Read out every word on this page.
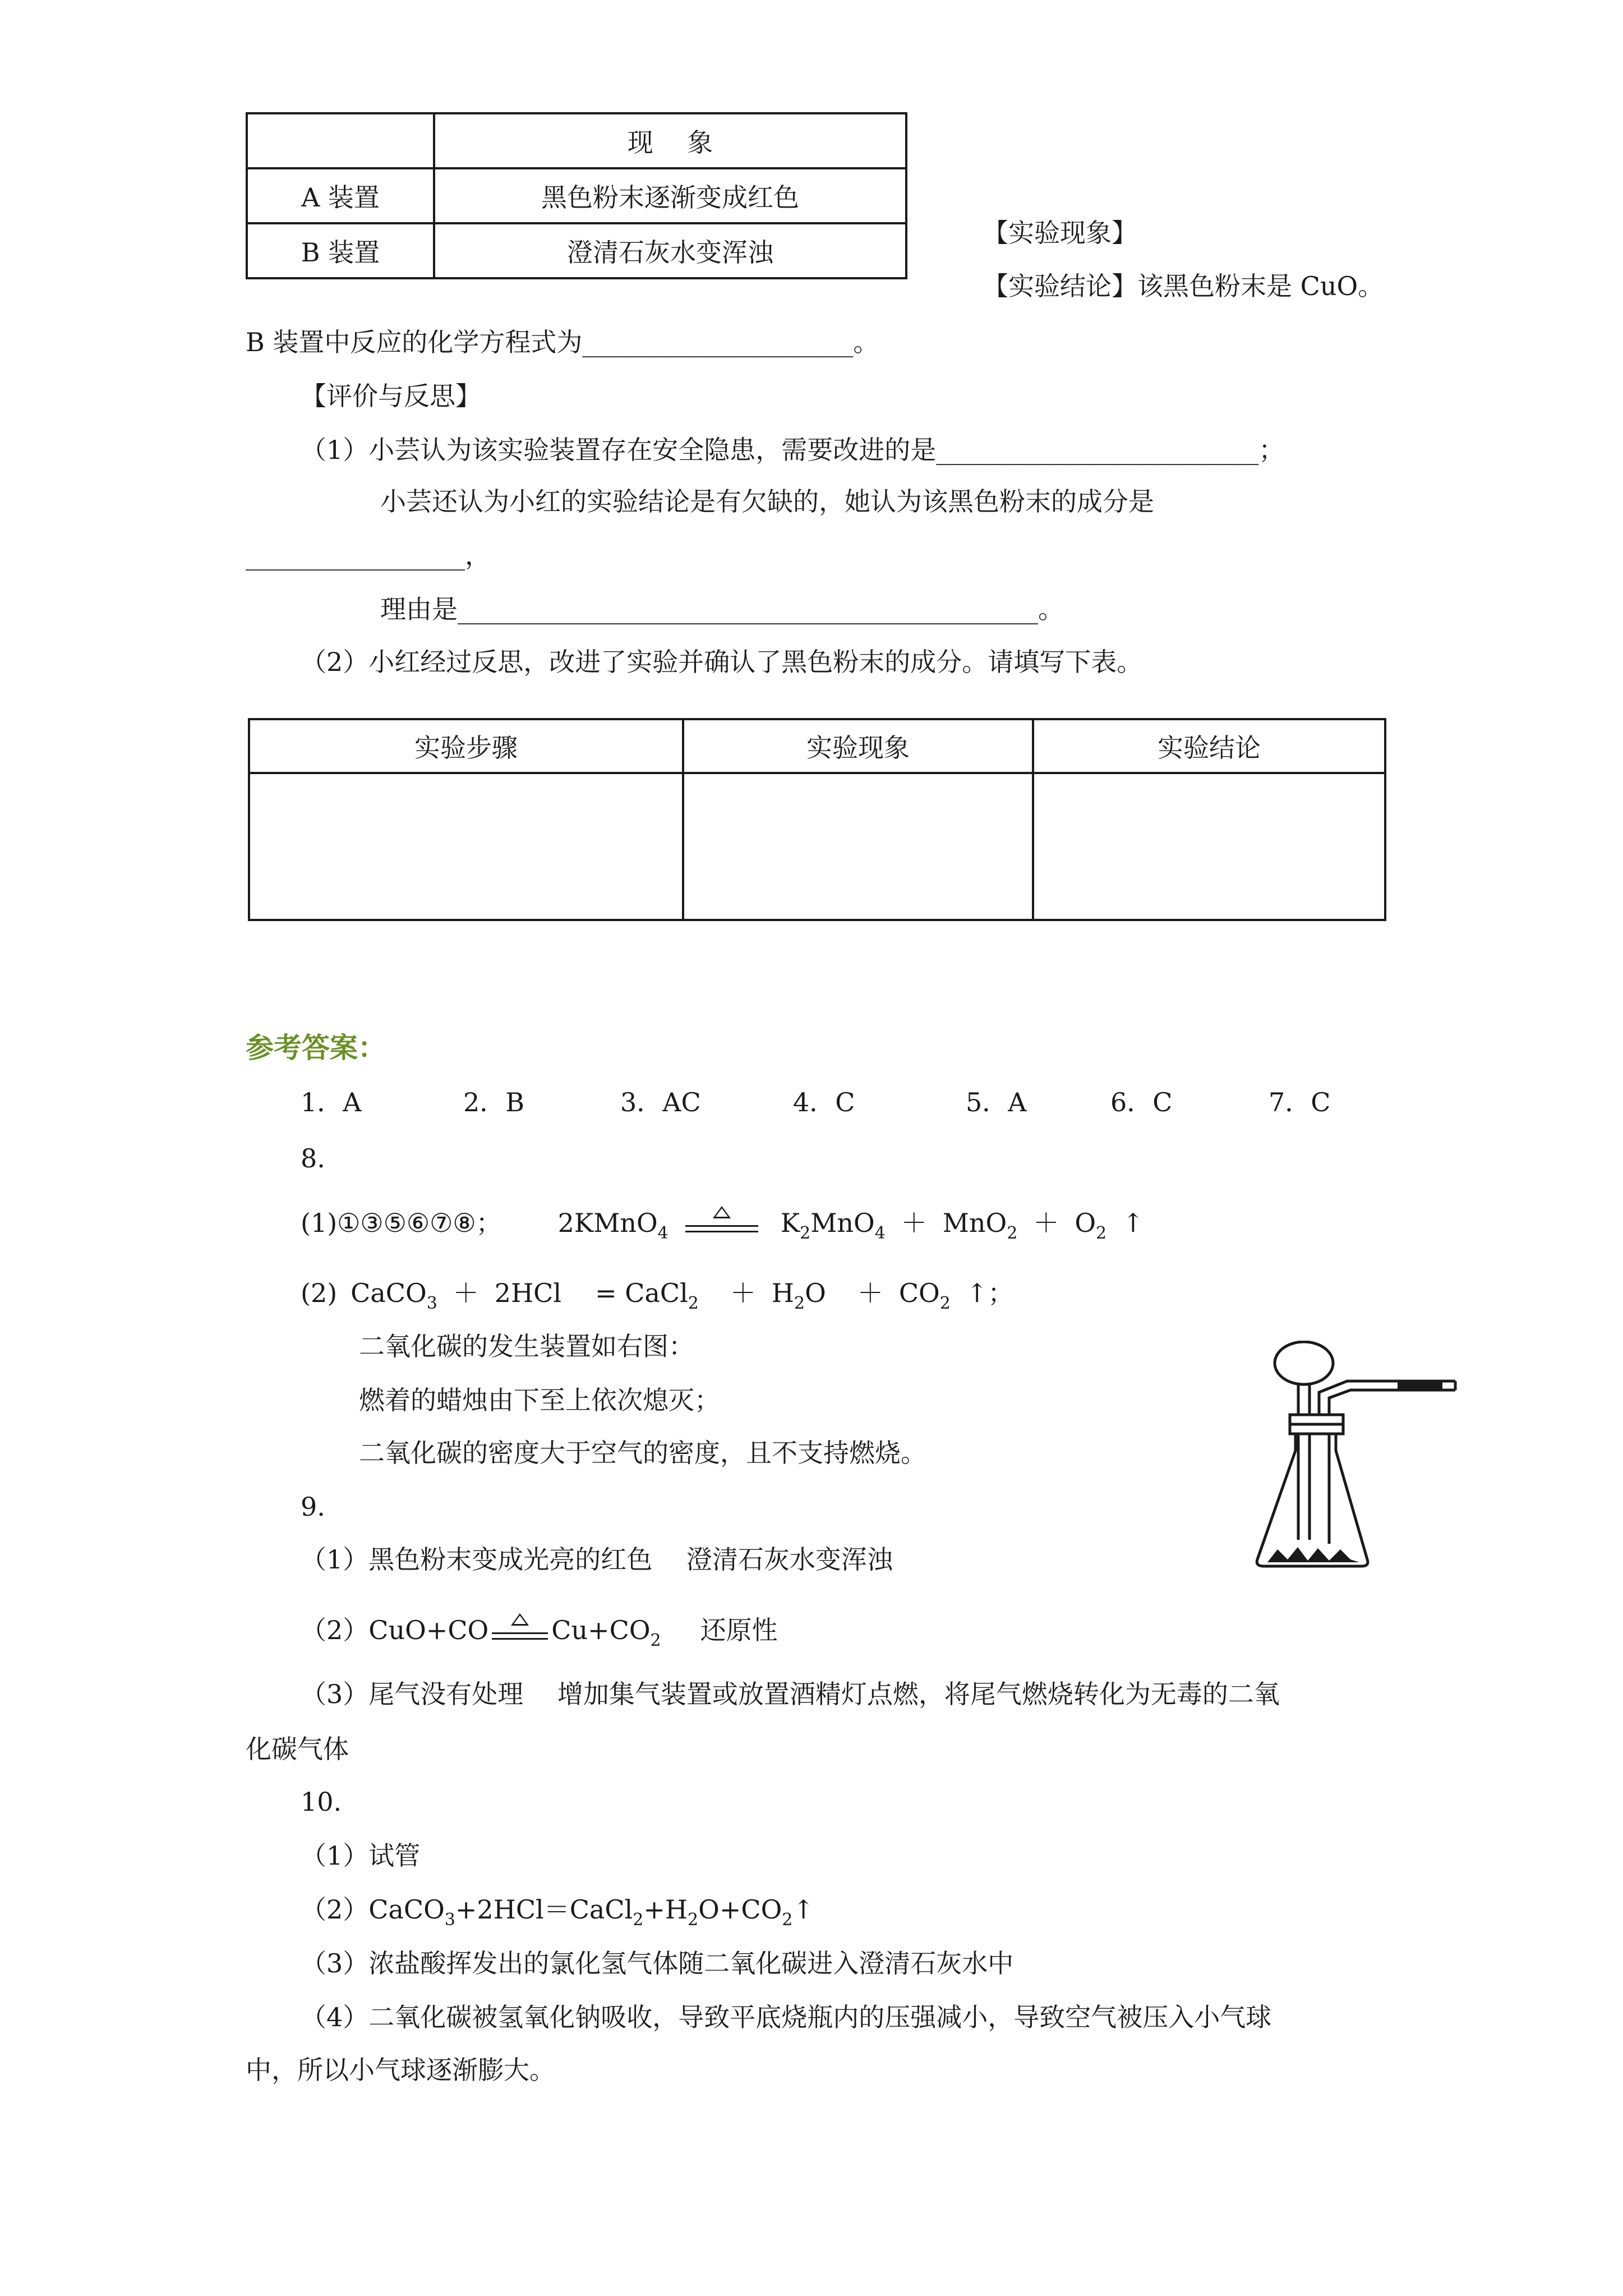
	现　 象
A 装置	黑色粉末逐渐变成红色
B 装置	澄清石灰水变浑浊
【实验现象】
【实验结论】该黑色粉末是 CuO。
B 装置中反应的化学方程式为_____________________。
【评价与反思】
（1）小芸认为该实验装置存在安全隐患，需要改进的是_________________________；
小芸还认为小红的实验结论是有欠缺的，她认为该黑色粉末的成分是
_________________，
理由是_____________________________________________。
（2）小红经过反思，改进了实验并确认了黑色粉末的成分。请填写下表。
实验步骤	实验现象	实验结论

参考答案：
1．A	2．B	3．AC	4．C	5．A	6．C	7．C
8.
(1)①③⑤⑥⑦⑧； 2KMnO$_4$	$K_2MnO_4 + MnO_2 + O_2$ ↑
(2) CaCO$_3$ ＋ 2HCl = CaCl$_2$ ＋ $H_2O + CO_2$ ↑；
二氧化碳的发生装置如右图：
燃着的蜡烛由下至上依次熄灭；
二氧化碳的密度大于空气的密度，且不支持燃烧。
9.
（1）黑色粉末变成光亮的红色　 澄清石灰水变浑浊
（2）CuO+CO $Cu+CO_2$　还原性
（3）尾气没有处理　 增加集气装置或放置酒精灯点燃，将尾气燃烧转化为无毒的二氧
化碳气体
10.
（1）试管
$(2)CaCO_3+2HCl=CaCl_2+H_2O+CO_2↑$
（3）浓盐酸挥发出的氯化氢气体随二氧化碳进入澄清石灰水中
（4）二氧化碳被氢氧化钠吸收，导致平底烧瓶内的压强减小，导致空气被压入小气球
中，所以小气球逐渐膨大。
